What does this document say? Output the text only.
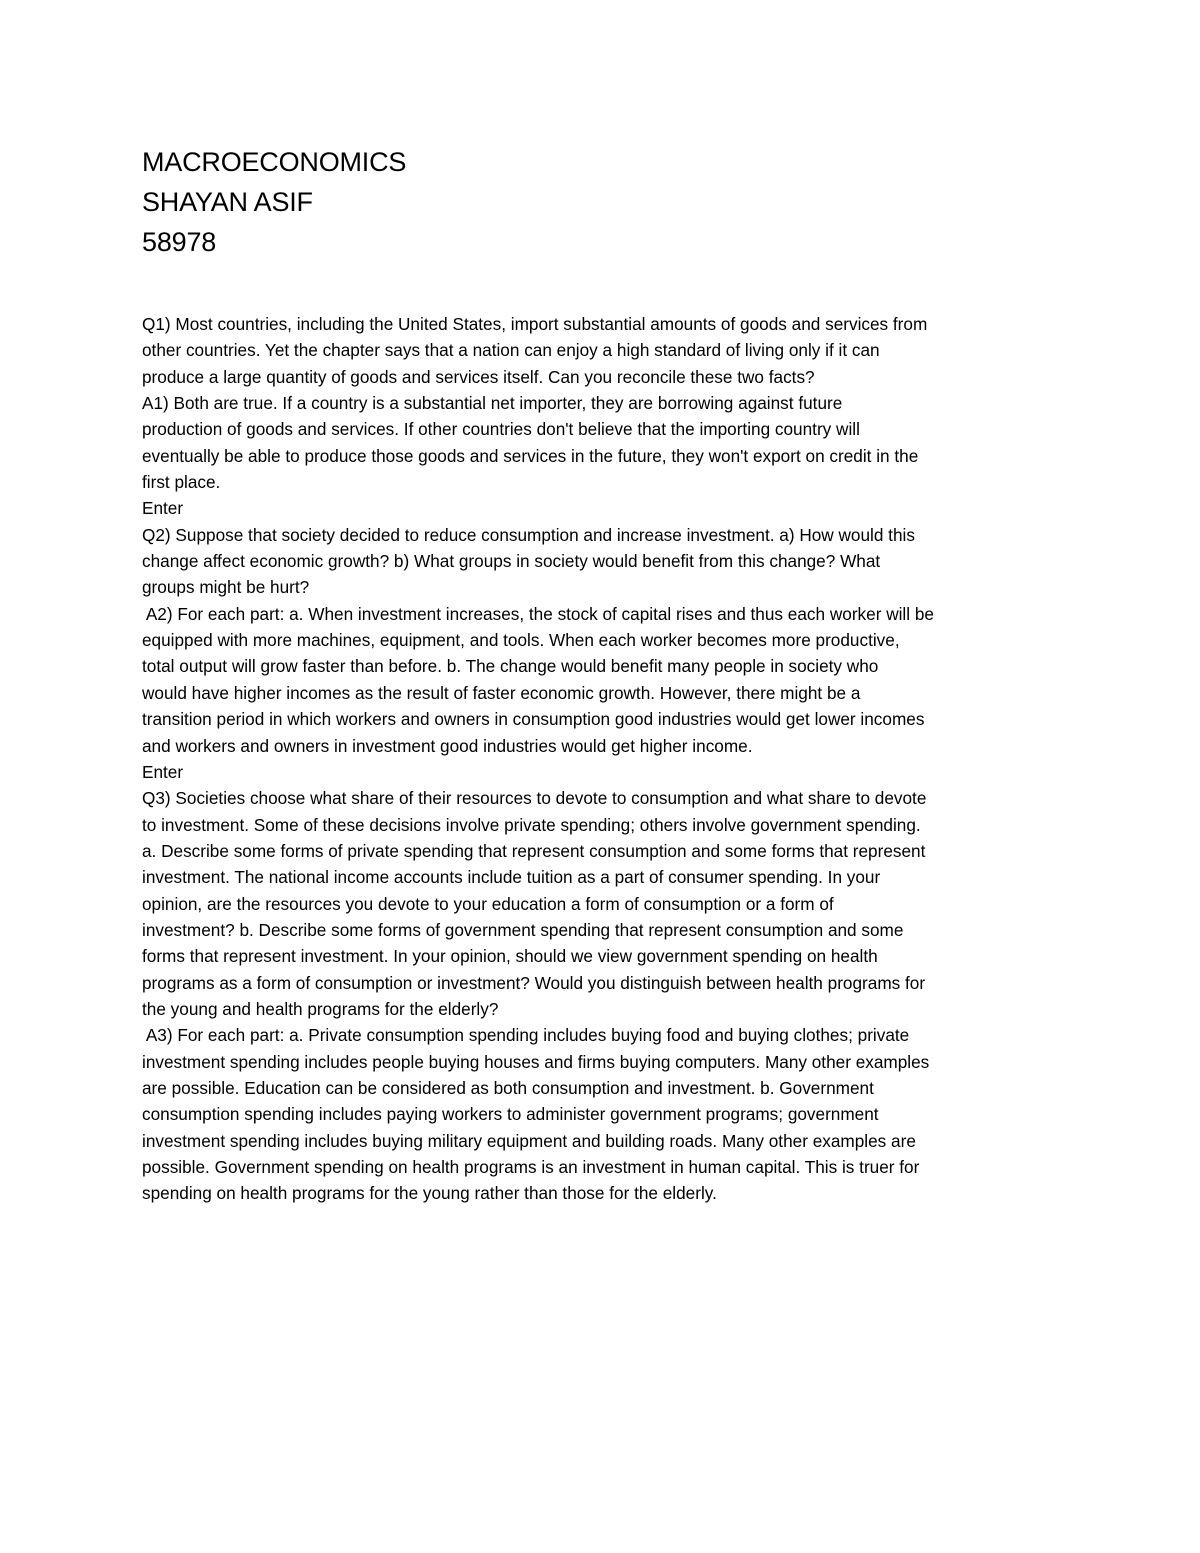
MACROECONOMICS
SHAYAN ASIF
58978
Q1) Most countries, including the United States, import substantial amounts of goods and services from
other countries. Yet the chapter says that a nation can enjoy a high standard of living only if it can
produce a large quantity of goods and services itself. Can you reconcile these two facts?
A1) Both are true. If a country is a substantial net importer, they are borrowing against future
production of goods and services. If other countries don't believe that the importing country will
eventually be able to produce those goods and services in the future, they won't export on credit in the
first place.
Enter
Q2) Suppose that society decided to reduce consumption and increase investment. a) How would this
change affect economic growth? b) What groups in society would benefit from this change? What
groups might be hurt?
A2) For each part: a. When investment increases, the stock of capital rises and thus each worker will be
equipped with more machines, equipment, and tools. When each worker becomes more productive,
total output will grow faster than before. b. The change would benefit many people in society who
would have higher incomes as the result of faster economic growth. However, there might be a
transition period in which workers and owners in consumption good industries would get lower incomes
and workers and owners in investment good industries would get higher income.
Enter
Q3) Societies choose what share of their resources to devote to consumption and what share to devote
to investment. Some of these decisions involve private spending; others involve government spending.
a. Describe some forms of private spending that represent consumption and some forms that represent
investment. The national income accounts include tuition as a part of consumer spending. In your
opinion, are the resources you devote to your education a form of consumption or a form of
investment? b. Describe some forms of government spending that represent consumption and some
forms that represent investment. In your opinion, should we view government spending on health
programs as a form of consumption or investment? Would you distinguish between health programs for
the young and health programs for the elderly?
A3) For each part: a. Private consumption spending includes buying food and buying clothes; private
investment spending includes people buying houses and firms buying computers. Many other examples
are possible. Education can be considered as both consumption and investment. b. Government
consumption spending includes paying workers to administer government programs; government
investment spending includes buying military equipment and building roads. Many other examples are
possible. Government spending on health programs is an investment in human capital. This is truer for
spending on health programs for the young rather than those for the elderly.
